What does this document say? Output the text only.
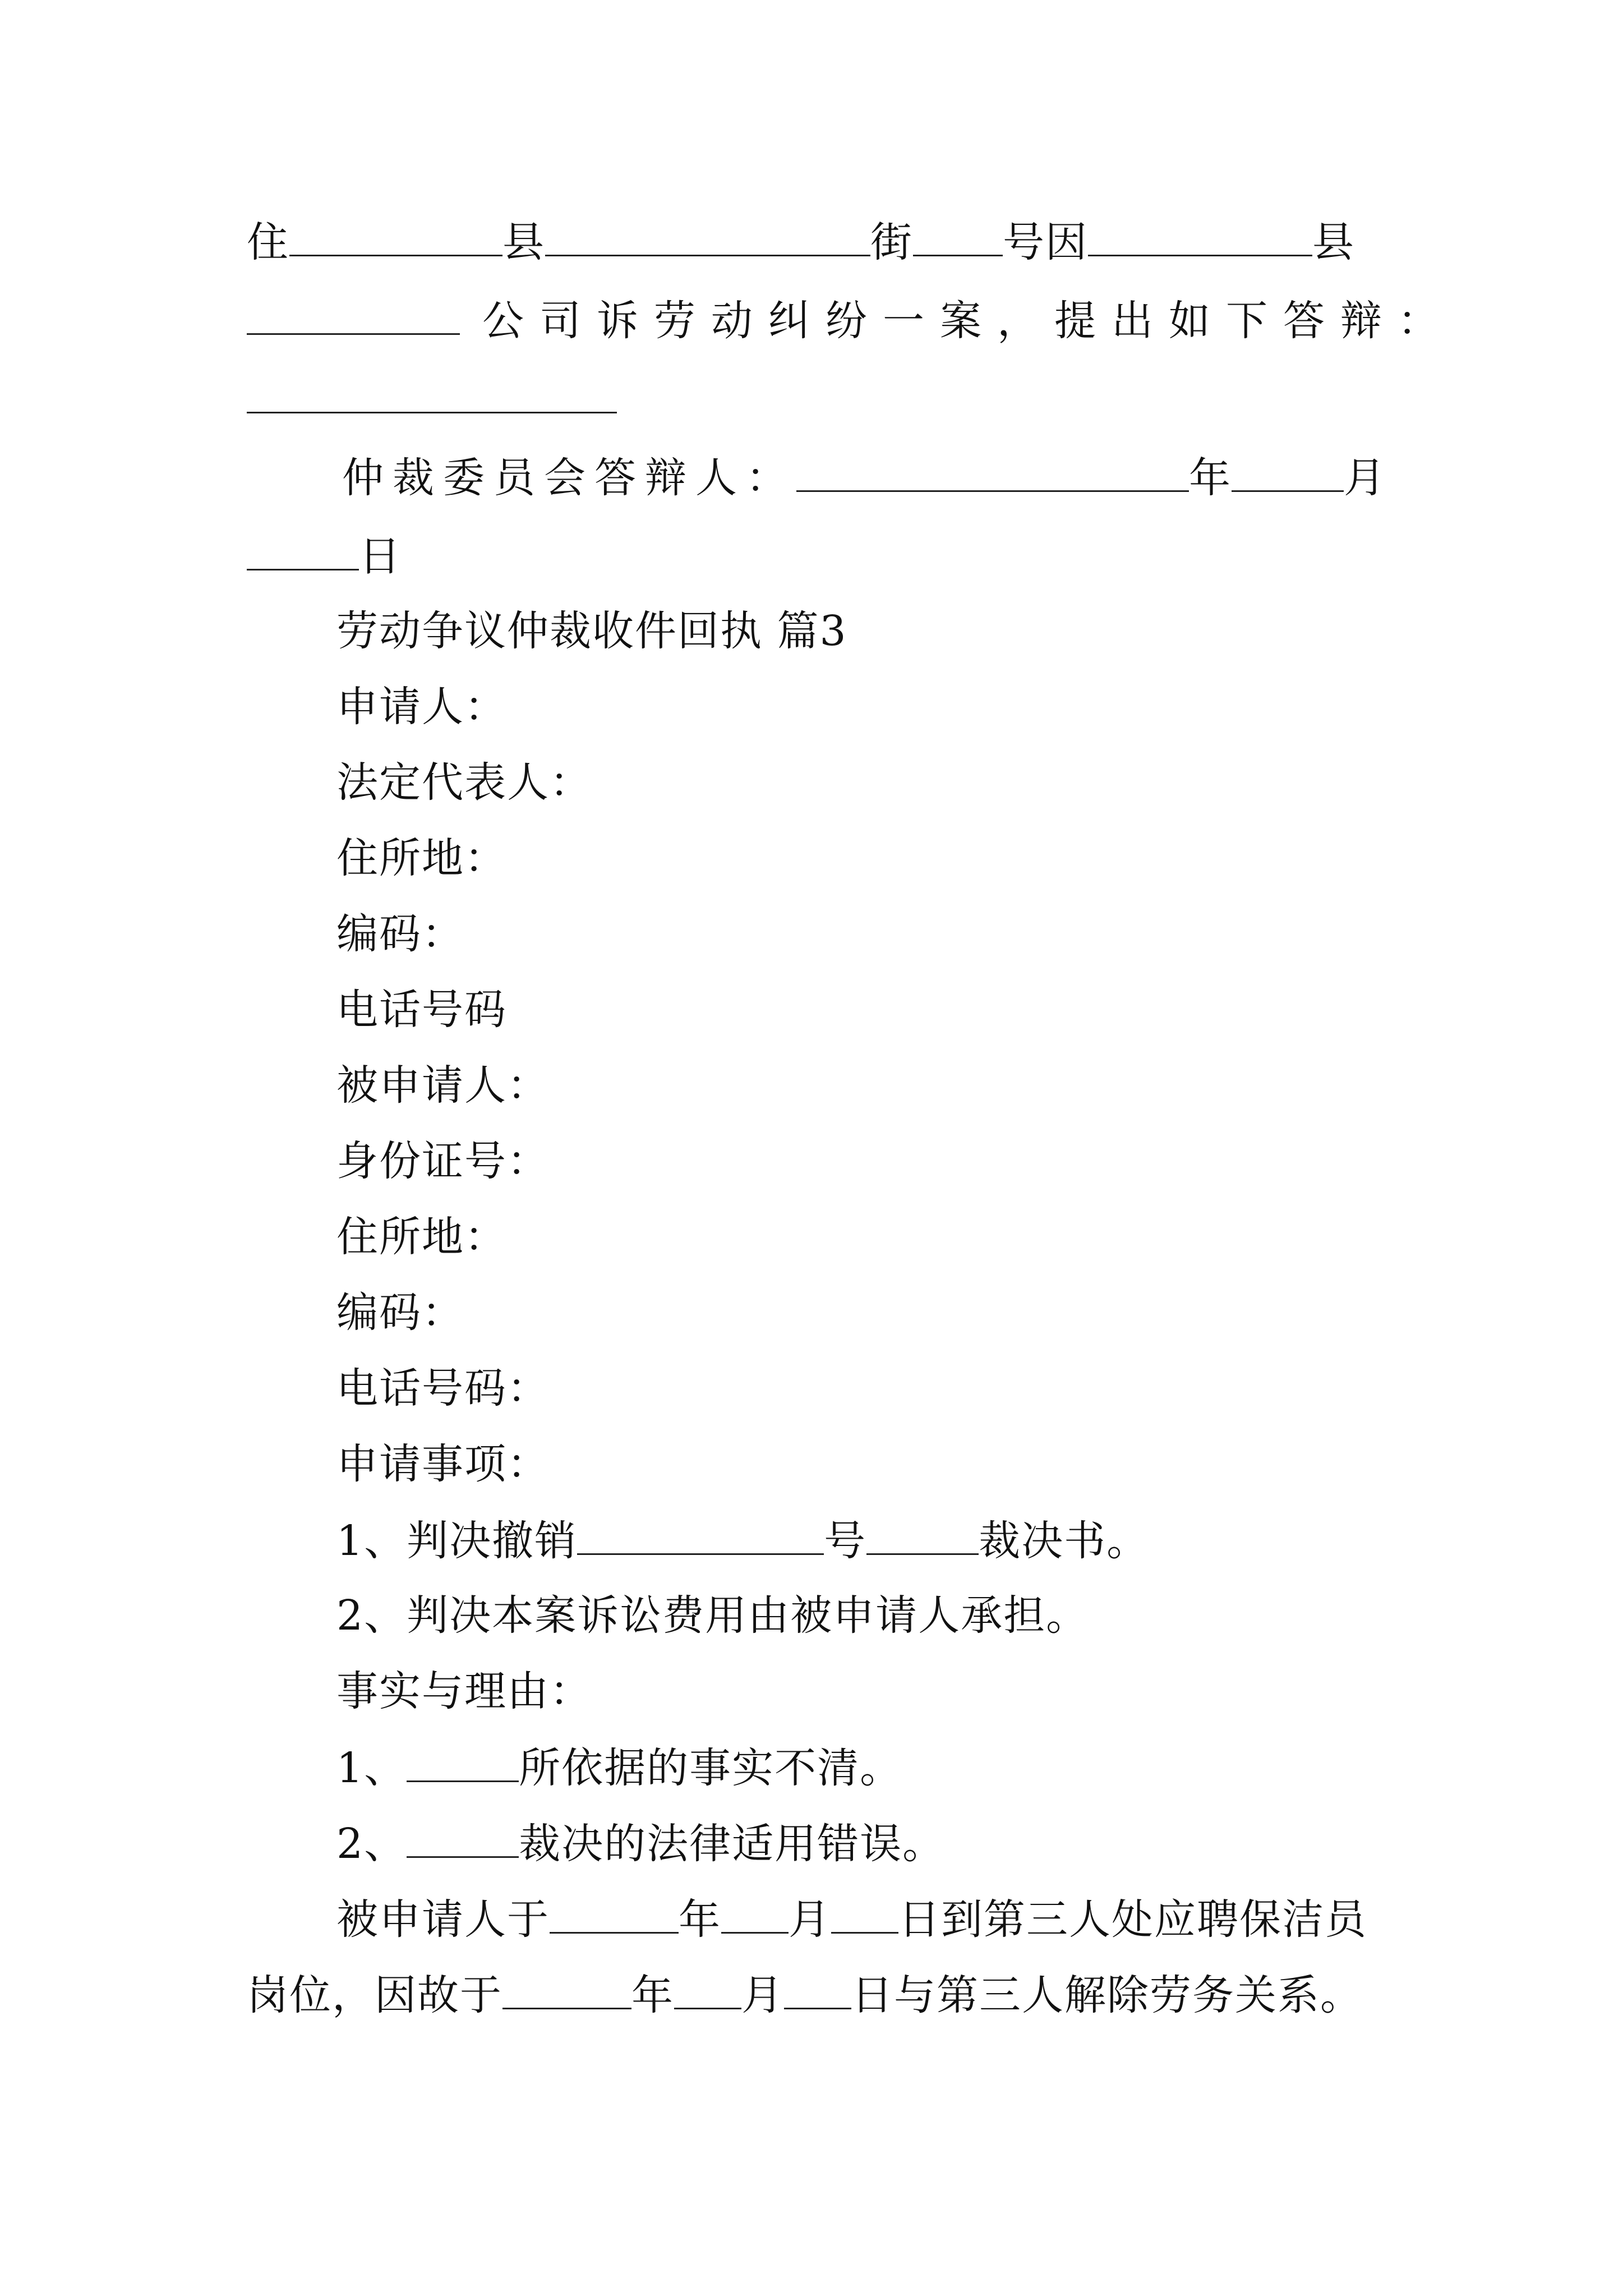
住	县	街 号因	县
公司诉劳动纠纷一案，提出如下答辩：
仲裁委员会答辩人：	年	月
日
劳动争议仲裁收件回执 篇3
申请人：
法定代表人：
住所地：
编码：
电话号码
被申请人：
身份证号：
住所地：
编码：
电话号码：
申请事项：
1、判决撤销	号	裁决书。
2、判决本案诉讼费用由被申请人承担。
事实与理由：
1、	所依据的事实不清。
2、	裁决的法律适用错误。
被申请人于	年 月 日到第三人处应聘保洁员
岗位，因故于	年 月 日与第三人解除劳务关系。
